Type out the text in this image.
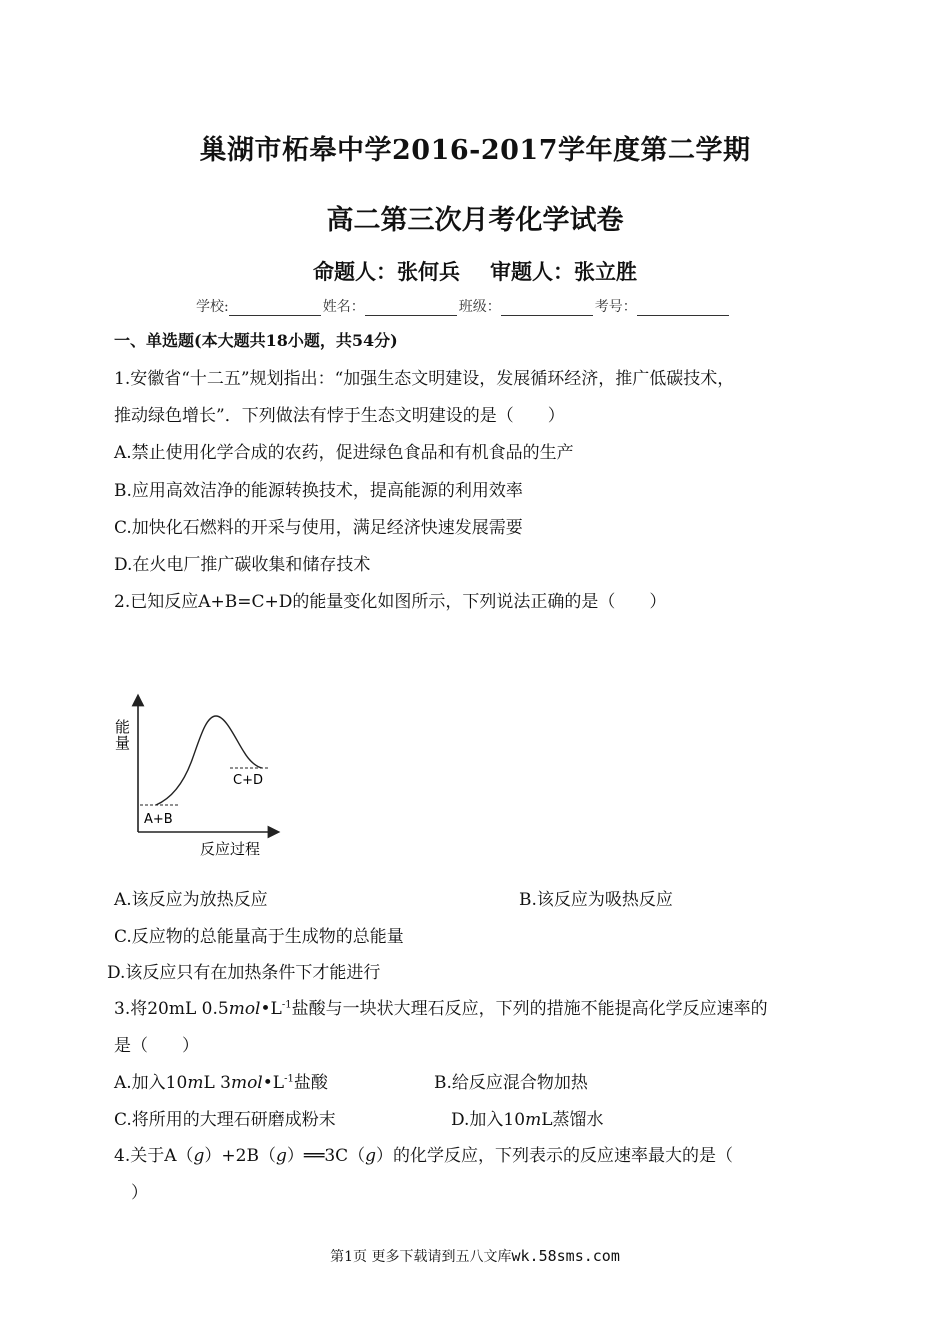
巢湖市柘皋中学2016-2017学年度第二学期
高二第三次月考化学试卷
命题人：张何兵 审题人：张立胜
学校:	姓名：	班级：	考号：
一、单选题(本大题共18小题，共54分)
1.安徽省“十二五”规划指出：“加强生态文明建设，发展循环经济，推广低碳技术，
推动绿色增长”．下列做法有悖于生态文明建设的是（　　）
A.禁止使用化学合成的农药，促进绿色食品和有机食品的生产
B.应用高效洁净的能源转换技术，提高能源的利用效率
C.加快化石燃料的开采与使用，满足经济快速发展需要
D.在火电厂推广碳收集和储存技术
2.已知反应A+B=C+D的能量变化如图所示，下列说法正确的是（　　）
能
量
A+B
C+D
反应过程
A.该反应为放热反应	B.该反应为吸热反应
C.反应物的总能量高于生成物的总能量
D.该反应只有在加热条件下才能进行
3.将20mL $0.5mol•L^{-1}$盐酸与一块状大理石反应，下列的措施不能提高化学反应速率的
是（　　）
A.加入10mL $3mol•L^{-1}$盐酸	B.给反应混合物加热
C.将所用的大理石研磨成粉末	D.加入10mL蒸馏水
4.关于A（g）+2B（g）══3C（g）的化学反应，下列表示的反应速率最大的是（
）
第1页 更多下载请到五八文库wk.58sms.com
